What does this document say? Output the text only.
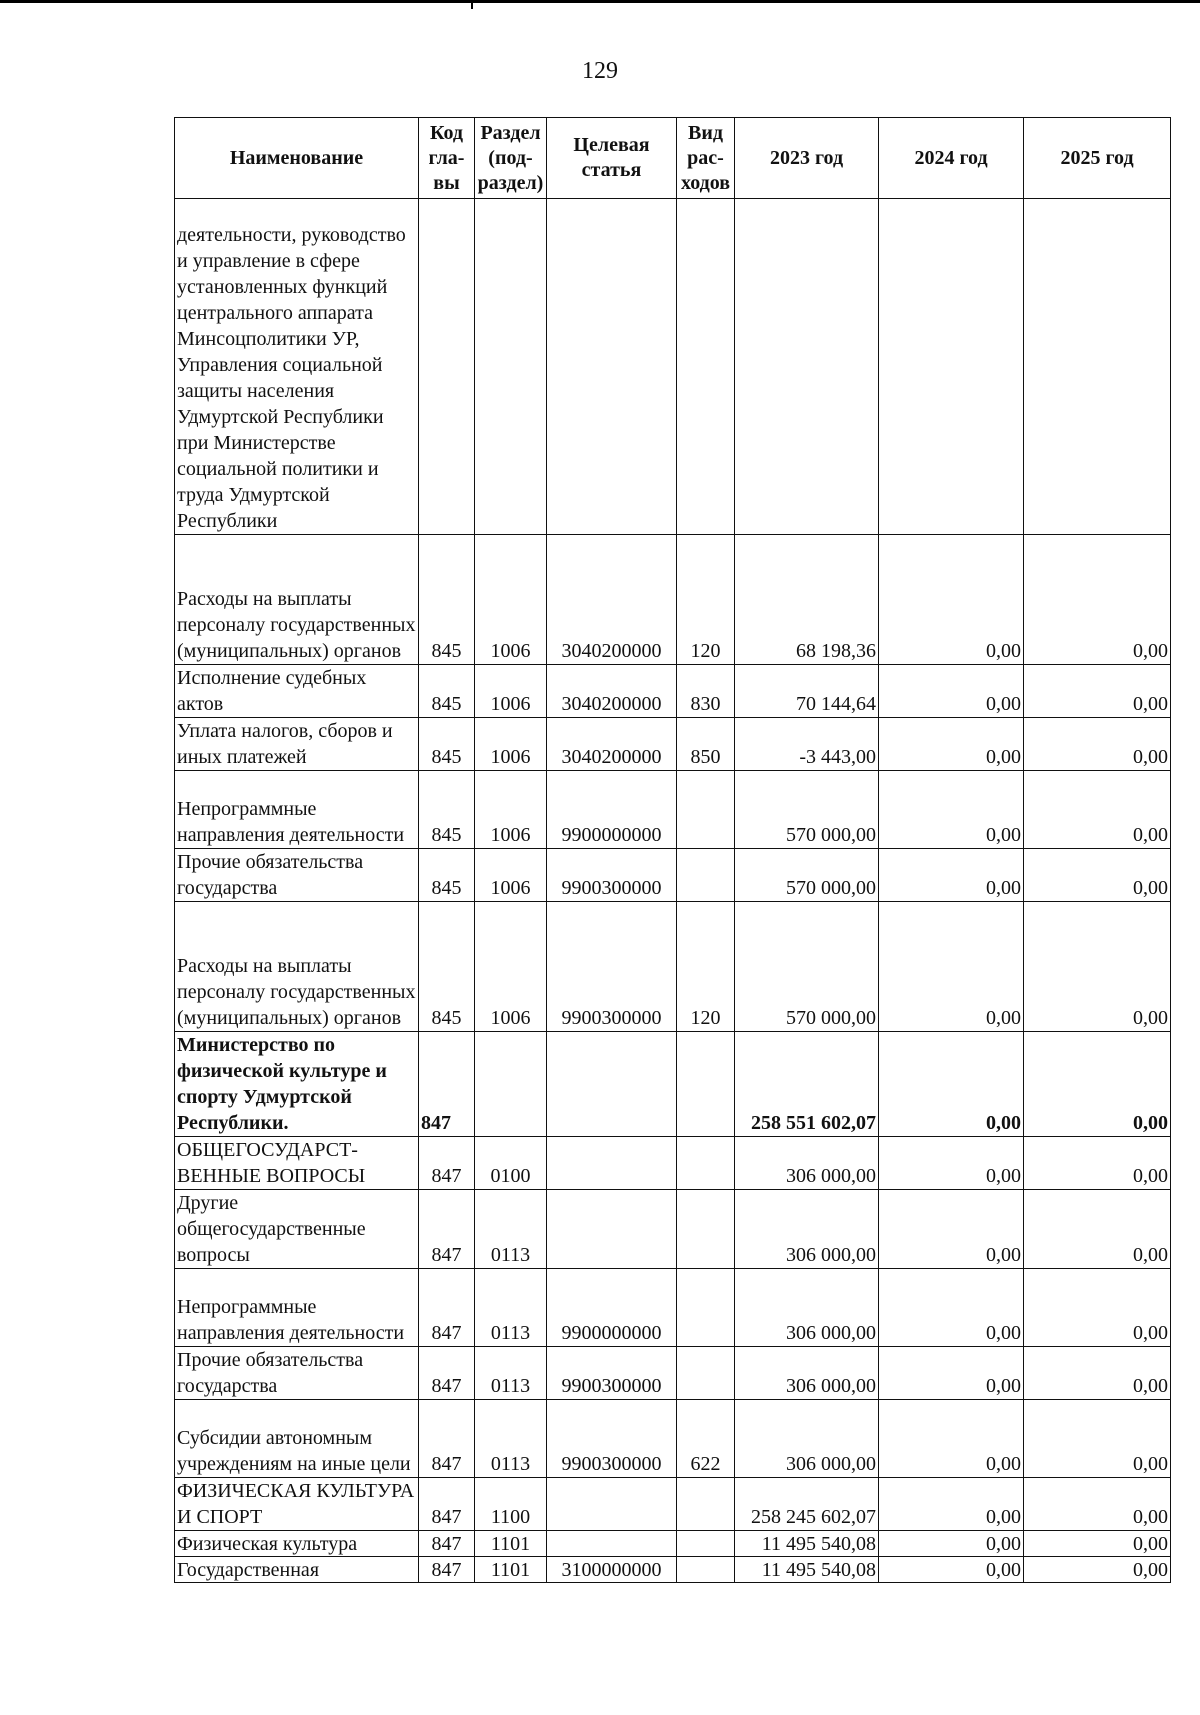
129
Наименование	Код гла-вы	Раздел (под-раздел)	Целевая статья	Вид рас-ходов	2023 год	2024 год	2025 год
деятельности, руководство и управление в сфере установленных функций центрального аппарата Минсоцполитики УР, Управления социальной защиты населения Удмуртской Республики при Министерстве социальной политики и труда Удмуртской Республики							
Расходы на выплаты персоналу государственных (муниципальных) органов	845	1006	3040200000	120	68 198,36	0,00	0,00
Исполнение судебных актов	845	1006	3040200000	830	70 144,64	0,00	0,00
Уплата налогов, сборов и иных платежей	845	1006	3040200000	850	-3 443,00	0,00	0,00
Непрограммные направления деятельности	845	1006	9900000000		570 000,00	0,00	0,00
Прочие обязательства государства	845	1006	9900300000		570 000,00	0,00	0,00
Расходы на выплаты персоналу государственных (муниципальных) органов	845	1006	9900300000	120	570 000,00	0,00	0,00
Министерство по физической культуре и спорту Удмуртской Республики.	847				258 551 602,07	0,00	0,00
ОБЩЕГОСУДАРСТ-ВЕННЫЕ ВОПРОСЫ	847	0100			306 000,00	0,00	0,00
Другие общегосударственные вопросы	847	0113			306 000,00	0,00	0,00
Непрограммные направления деятельности	847	0113	9900000000		306 000,00	0,00	0,00
Прочие обязательства государства	847	0113	9900300000		306 000,00	0,00	0,00
Субсидии автономным учреждениям на иные цели	847	0113	9900300000	622	306 000,00	0,00	0,00
ФИЗИЧЕСКАЯ КУЛЬТУРА И СПОРТ	847	1100			258 245 602,07	0,00	0,00
Физическая культура	847	1101			11 495 540,08	0,00	0,00
Государственная	847	1101	3100000000		11 495 540,08	0,00	0,00
